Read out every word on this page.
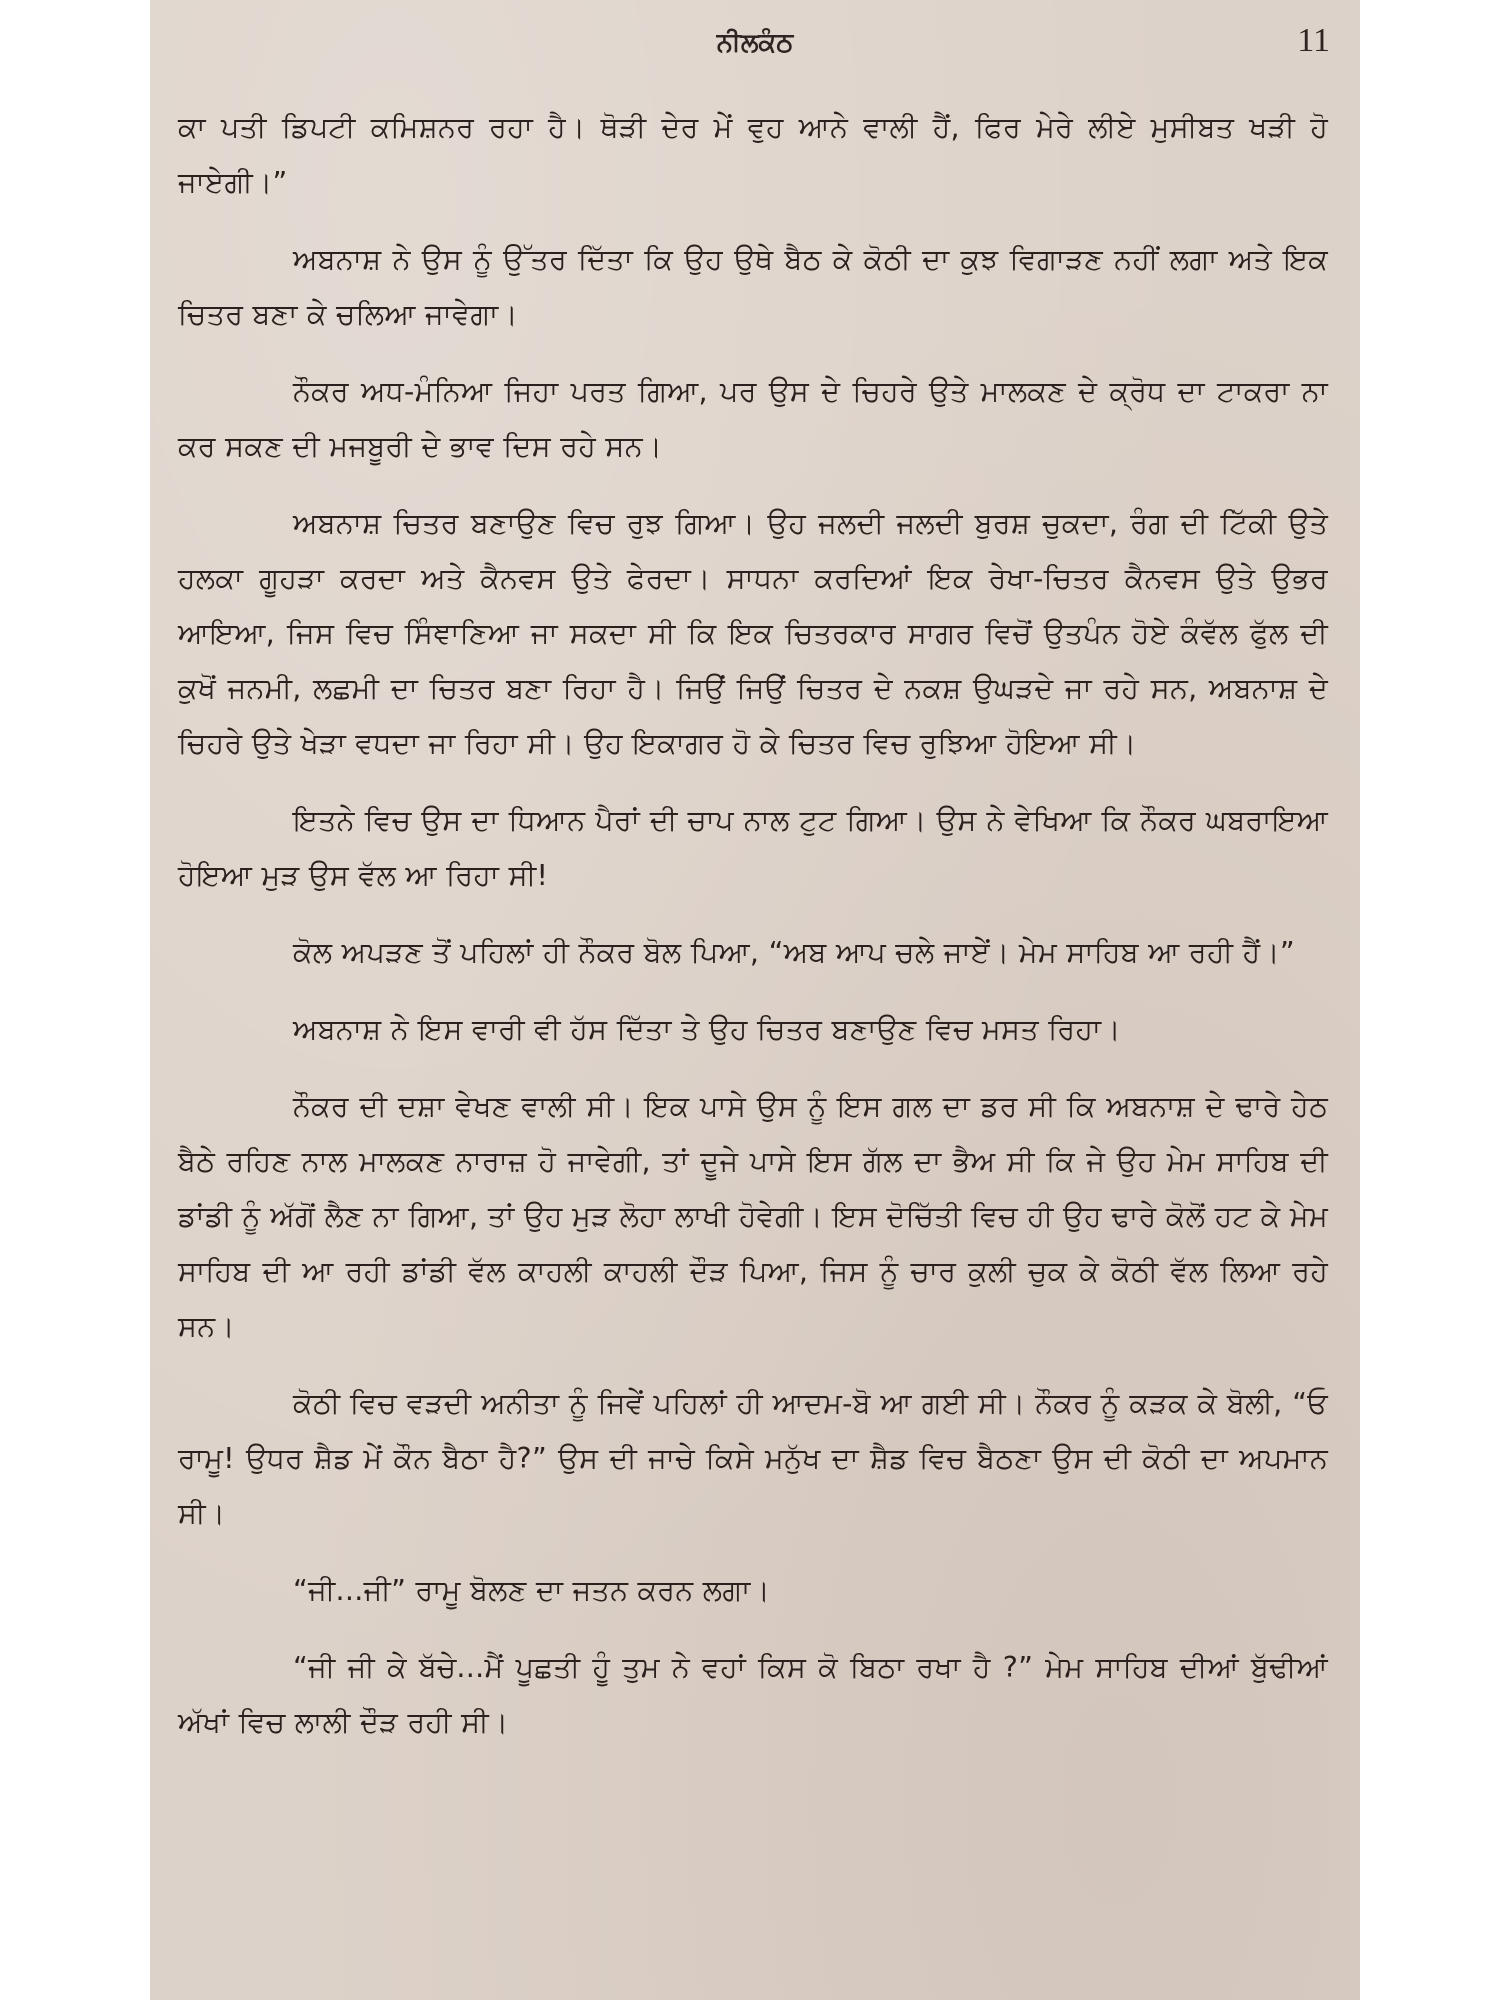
ਨੀਲਕੰਠ	11

ਕਾ ਪਤੀ ਡਿਪਟੀ ਕਮਿਸ਼ਨਰ ਰਹਾ ਹੈ। ਥੋੜੀ ਦੇਰ ਮੇਂ ਵੁਹ ਆਨੇ ਵਾਲੀ ਹੈਂ, ਫਿਰ ਮੇਰੇ ਲੀਏ ਮੁਸੀਬਤ ਖੜੀ ਹੋ ਜਾਏਗੀ।”

ਅਬਨਾਸ਼ ਨੇ ਉਸ ਨੂੰ ਉੱਤਰ ਦਿੱਤਾ ਕਿ ਉਹ ਉਥੇ ਬੈਠ ਕੇ ਕੋਠੀ ਦਾ ਕੁਝ ਵਿਗਾੜਣ ਨਹੀਂ ਲਗਾ ਅਤੇ ਇਕ ਚਿਤਰ ਬਣਾ ਕੇ ਚਲਿਆ ਜਾਵੇਗਾ।

ਨੌਕਰ ਅਧ-ਮੰਨਿਆ ਜਿਹਾ ਪਰਤ ਗਿਆ, ਪਰ ਉਸ ਦੇ ਚਿਹਰੇ ਉਤੇ ਮਾਲਕਣ ਦੇ ਕ੍ਰੋਧ ਦਾ ਟਾਕਰਾ ਨਾ ਕਰ ਸਕਣ ਦੀ ਮਜਬੂਰੀ ਦੇ ਭਾਵ ਦਿਸ ਰਹੇ ਸਨ।

ਅਬਨਾਸ਼ ਚਿਤਰ ਬਣਾਉਣ ਵਿਚ ਰੁਝ ਗਿਆ। ਉਹ ਜਲਦੀ ਜਲਦੀ ਬੁਰਸ਼ ਚੁਕਦਾ, ਰੰਗ ਦੀ ਟਿੱਕੀ ਉਤੇ ਹਲਕਾ ਗੂਹੜਾ ਕਰਦਾ ਅਤੇ ਕੈਨਵਸ ਉਤੇ ਫੇਰਦਾ। ਸਾਧਨਾ ਕਰਦਿਆਂ ਇਕ ਰੇਖਾ-ਚਿਤਰ ਕੈਨਵਸ ਉਤੇ ਉਭਰ ਆਇਆ, ਜਿਸ ਵਿਚ ਸਿੰਞਾਣਿਆ ਜਾ ਸਕਦਾ ਸੀ ਕਿ ਇਕ ਚਿਤਰਕਾਰ ਸਾਗਰ ਵਿਚੋਂ ਉਤਪੰਨ ਹੋਏ ਕੰਵੱਲ ਫੁੱਲ ਦੀ ਕੁਖੋਂ ਜਨਮੀ, ਲਛਮੀ ਦਾ ਚਿਤਰ ਬਣਾ ਰਿਹਾ ਹੈ। ਜਿਉਂ ਜਿਉਂ ਚਿਤਰ ਦੇ ਨਕਸ਼ ਉਘੜਦੇ ਜਾ ਰਹੇ ਸਨ, ਅਬਨਾਸ਼ ਦੇ ਚਿਹਰੇ ਉਤੇ ਖੇੜਾ ਵਧਦਾ ਜਾ ਰਿਹਾ ਸੀ। ਉਹ ਇਕਾਗਰ ਹੋ ਕੇ ਚਿਤਰ ਵਿਚ ਰੁਝਿਆ ਹੋਇਆ ਸੀ।

ਇਤਨੇ ਵਿਚ ਉਸ ਦਾ ਧਿਆਨ ਪੈਰਾਂ ਦੀ ਚਾਪ ਨਾਲ ਟੁਟ ਗਿਆ। ਉਸ ਨੇ ਵੇਖਿਆ ਕਿ ਨੌਕਰ ਘਬਰਾਇਆ ਹੋਇਆ ਮੁੜ ਉਸ ਵੱਲ ਆ ਰਿਹਾ ਸੀ!

ਕੋਲ ਅਪੜਣ ਤੋਂ ਪਹਿਲਾਂ ਹੀ ਨੌਕਰ ਬੋਲ ਪਿਆ, “ਅਬ ਆਪ ਚਲੇ ਜਾਏਂ। ਮੇਮ ਸਾਹਿਬ ਆ ਰਹੀ ਹੈਂ।”

ਅਬਨਾਸ਼ ਨੇ ਇਸ ਵਾਰੀ ਵੀ ਹੱਸ ਦਿੱਤਾ ਤੇ ਉਹ ਚਿਤਰ ਬਣਾਉਣ ਵਿਚ ਮਸਤ ਰਿਹਾ।

ਨੌਕਰ ਦੀ ਦਸ਼ਾ ਵੇਖਣ ਵਾਲੀ ਸੀ। ਇਕ ਪਾਸੇ ਉਸ ਨੂੰ ਇਸ ਗਲ ਦਾ ਡਰ ਸੀ ਕਿ ਅਬਨਾਸ਼ ਦੇ ਢਾਰੇ ਹੇਠ ਬੈਠੇ ਰਹਿਣ ਨਾਲ ਮਾਲਕਣ ਨਾਰਾਜ਼ ਹੋ ਜਾਵੇਗੀ, ਤਾਂ ਦੂਜੇ ਪਾਸੇ ਇਸ ਗੱਲ ਦਾ ਭੈਅ ਸੀ ਕਿ ਜੇ ਉਹ ਮੇਮ ਸਾਹਿਬ ਦੀ ਡਾਂਡੀ ਨੂੰ ਅੱਗੋਂ ਲੈਣ ਨਾ ਗਿਆ, ਤਾਂ ਉਹ ਮੁੜ ਲੋਹਾ ਲਾਖੀ ਹੋਵੇਗੀ। ਇਸ ਦੋਚਿੱਤੀ ਵਿਚ ਹੀ ਉਹ ਢਾਰੇ ਕੋਲੋਂ ਹਟ ਕੇ ਮੇਮ ਸਾਹਿਬ ਦੀ ਆ ਰਹੀ ਡਾਂਡੀ ਵੱਲ ਕਾਹਲੀ ਕਾਹਲੀ ਦੌੜ ਪਿਆ, ਜਿਸ ਨੂੰ ਚਾਰ ਕੁਲੀ ਚੁਕ ਕੇ ਕੋਠੀ ਵੱਲ ਲਿਆ ਰਹੇ ਸਨ।

ਕੋਠੀ ਵਿਚ ਵੜਦੀ ਅਨੀਤਾ ਨੂੰ ਜਿਵੇਂ ਪਹਿਲਾਂ ਹੀ ਆਦਮ-ਬੋ ਆ ਗਈ ਸੀ। ਨੌਕਰ ਨੂੰ ਕੜਕ ਕੇ ਬੋਲੀ, “ਓ ਰਾਮੂ! ਉਧਰ ਸ਼ੈਡ ਮੇਂ ਕੌਨ ਬੈਠਾ ਹੈ?” ਉਸ ਦੀ ਜਾਚੇ ਕਿਸੇ ਮਨੁੱਖ ਦਾ ਸ਼ੈਡ ਵਿਚ ਬੈਠਣਾ ਉਸ ਦੀ ਕੋਠੀ ਦਾ ਅਪਮਾਨ ਸੀ।

“ਜੀ...ਜੀ” ਰਾਮੂ ਬੋਲਣ ਦਾ ਜਤਨ ਕਰਨ ਲਗਾ।

“ਜੀ ਜੀ ਕੇ ਬੱਚੇ...ਮੈਂ ਪੂਛਤੀ ਹੂੰ ਤੁਮ ਨੇ ਵਹਾਂ ਕਿਸ ਕੋ ਬਿਠਾ ਰਖਾ ਹੈ ?” ਮੇਮ ਸਾਹਿਬ ਦੀਆਂ ਬੁੱਢੀਆਂ ਅੱਖਾਂ ਵਿਚ ਲਾਲੀ ਦੌੜ ਰਹੀ ਸੀ।
